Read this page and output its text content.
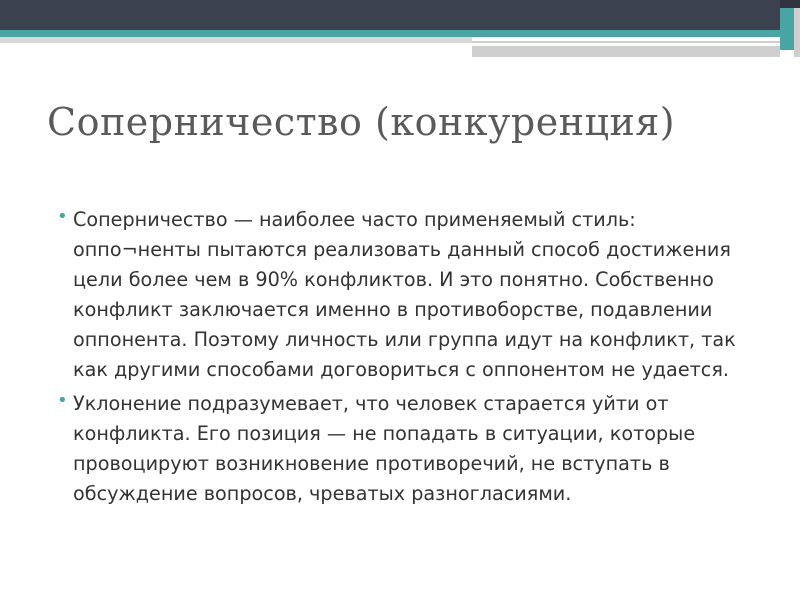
Соперничество (конкуренция)
• Соперничество — наиболее часто применяемый стиль: оппо¬ненты пытаются реализовать данный способ достижения цели более чем в 90% конфликтов. И это понятно. Собственно конфликт заключается именно в противоборстве, подавлении оппонента. Поэтому личность или группа идут на конфликт, так как другими способами договориться с оппонентом не удается.
• Уклонение подразумевает, что человек старается уйти от конфликта. Его позиция — не попадать в ситуации, которые провоцируют возникновение противоречий, не вступать в обсуждение вопросов, чреватых разногласиями.
